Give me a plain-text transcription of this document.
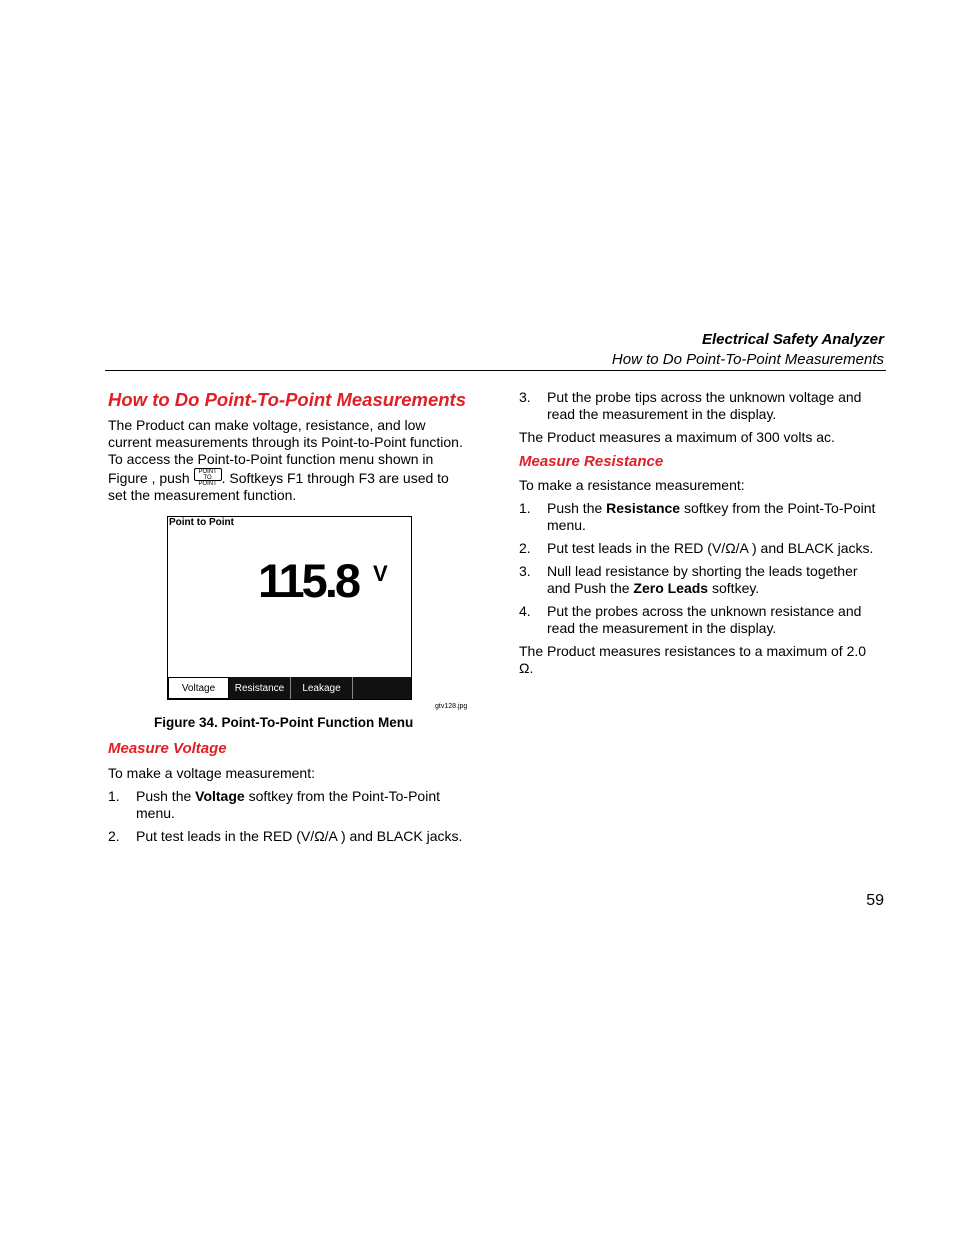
Electrical Safety Analyzer
How to Do Point-To-Point Measurements
How to Do Point-To-Point Measurements

The Product can make voltage, resistance, and low current measurements through its Point-to-Point function. To access the Point-to-Point function menu shown in Figure , push	POINT TO
POINT . Softkeys F1 through F3 are used to set the measurement function.

Point to Point
115.8 V
Voltage	Resistance	Leakage
gtv128.jpg
Figure 34. Point-To-Point Function Menu
Measure Voltage

To make a voltage measurement:

1. Push the Voltage softkey from the Point-To-Point menu.
2. Put test leads in the RED (V/Ω/A ) and BLACK jacks.
3. Put the probe tips across the unknown voltage and read the measurement in the display.

The Product measures a maximum of 300 volts ac.

Measure Resistance

To make a resistance measurement:

1. Push the Resistance softkey from the Point-To-Point menu.
2. Put test leads in the RED (V/Ω/A ) and BLACK jacks.
3. Null lead resistance by shorting the leads together and Push the Zero Leads softkey.
4. Put the probes across the unknown resistance and read the measurement in the display.

The Product measures resistances to a maximum of 2.0 Ω.

59
